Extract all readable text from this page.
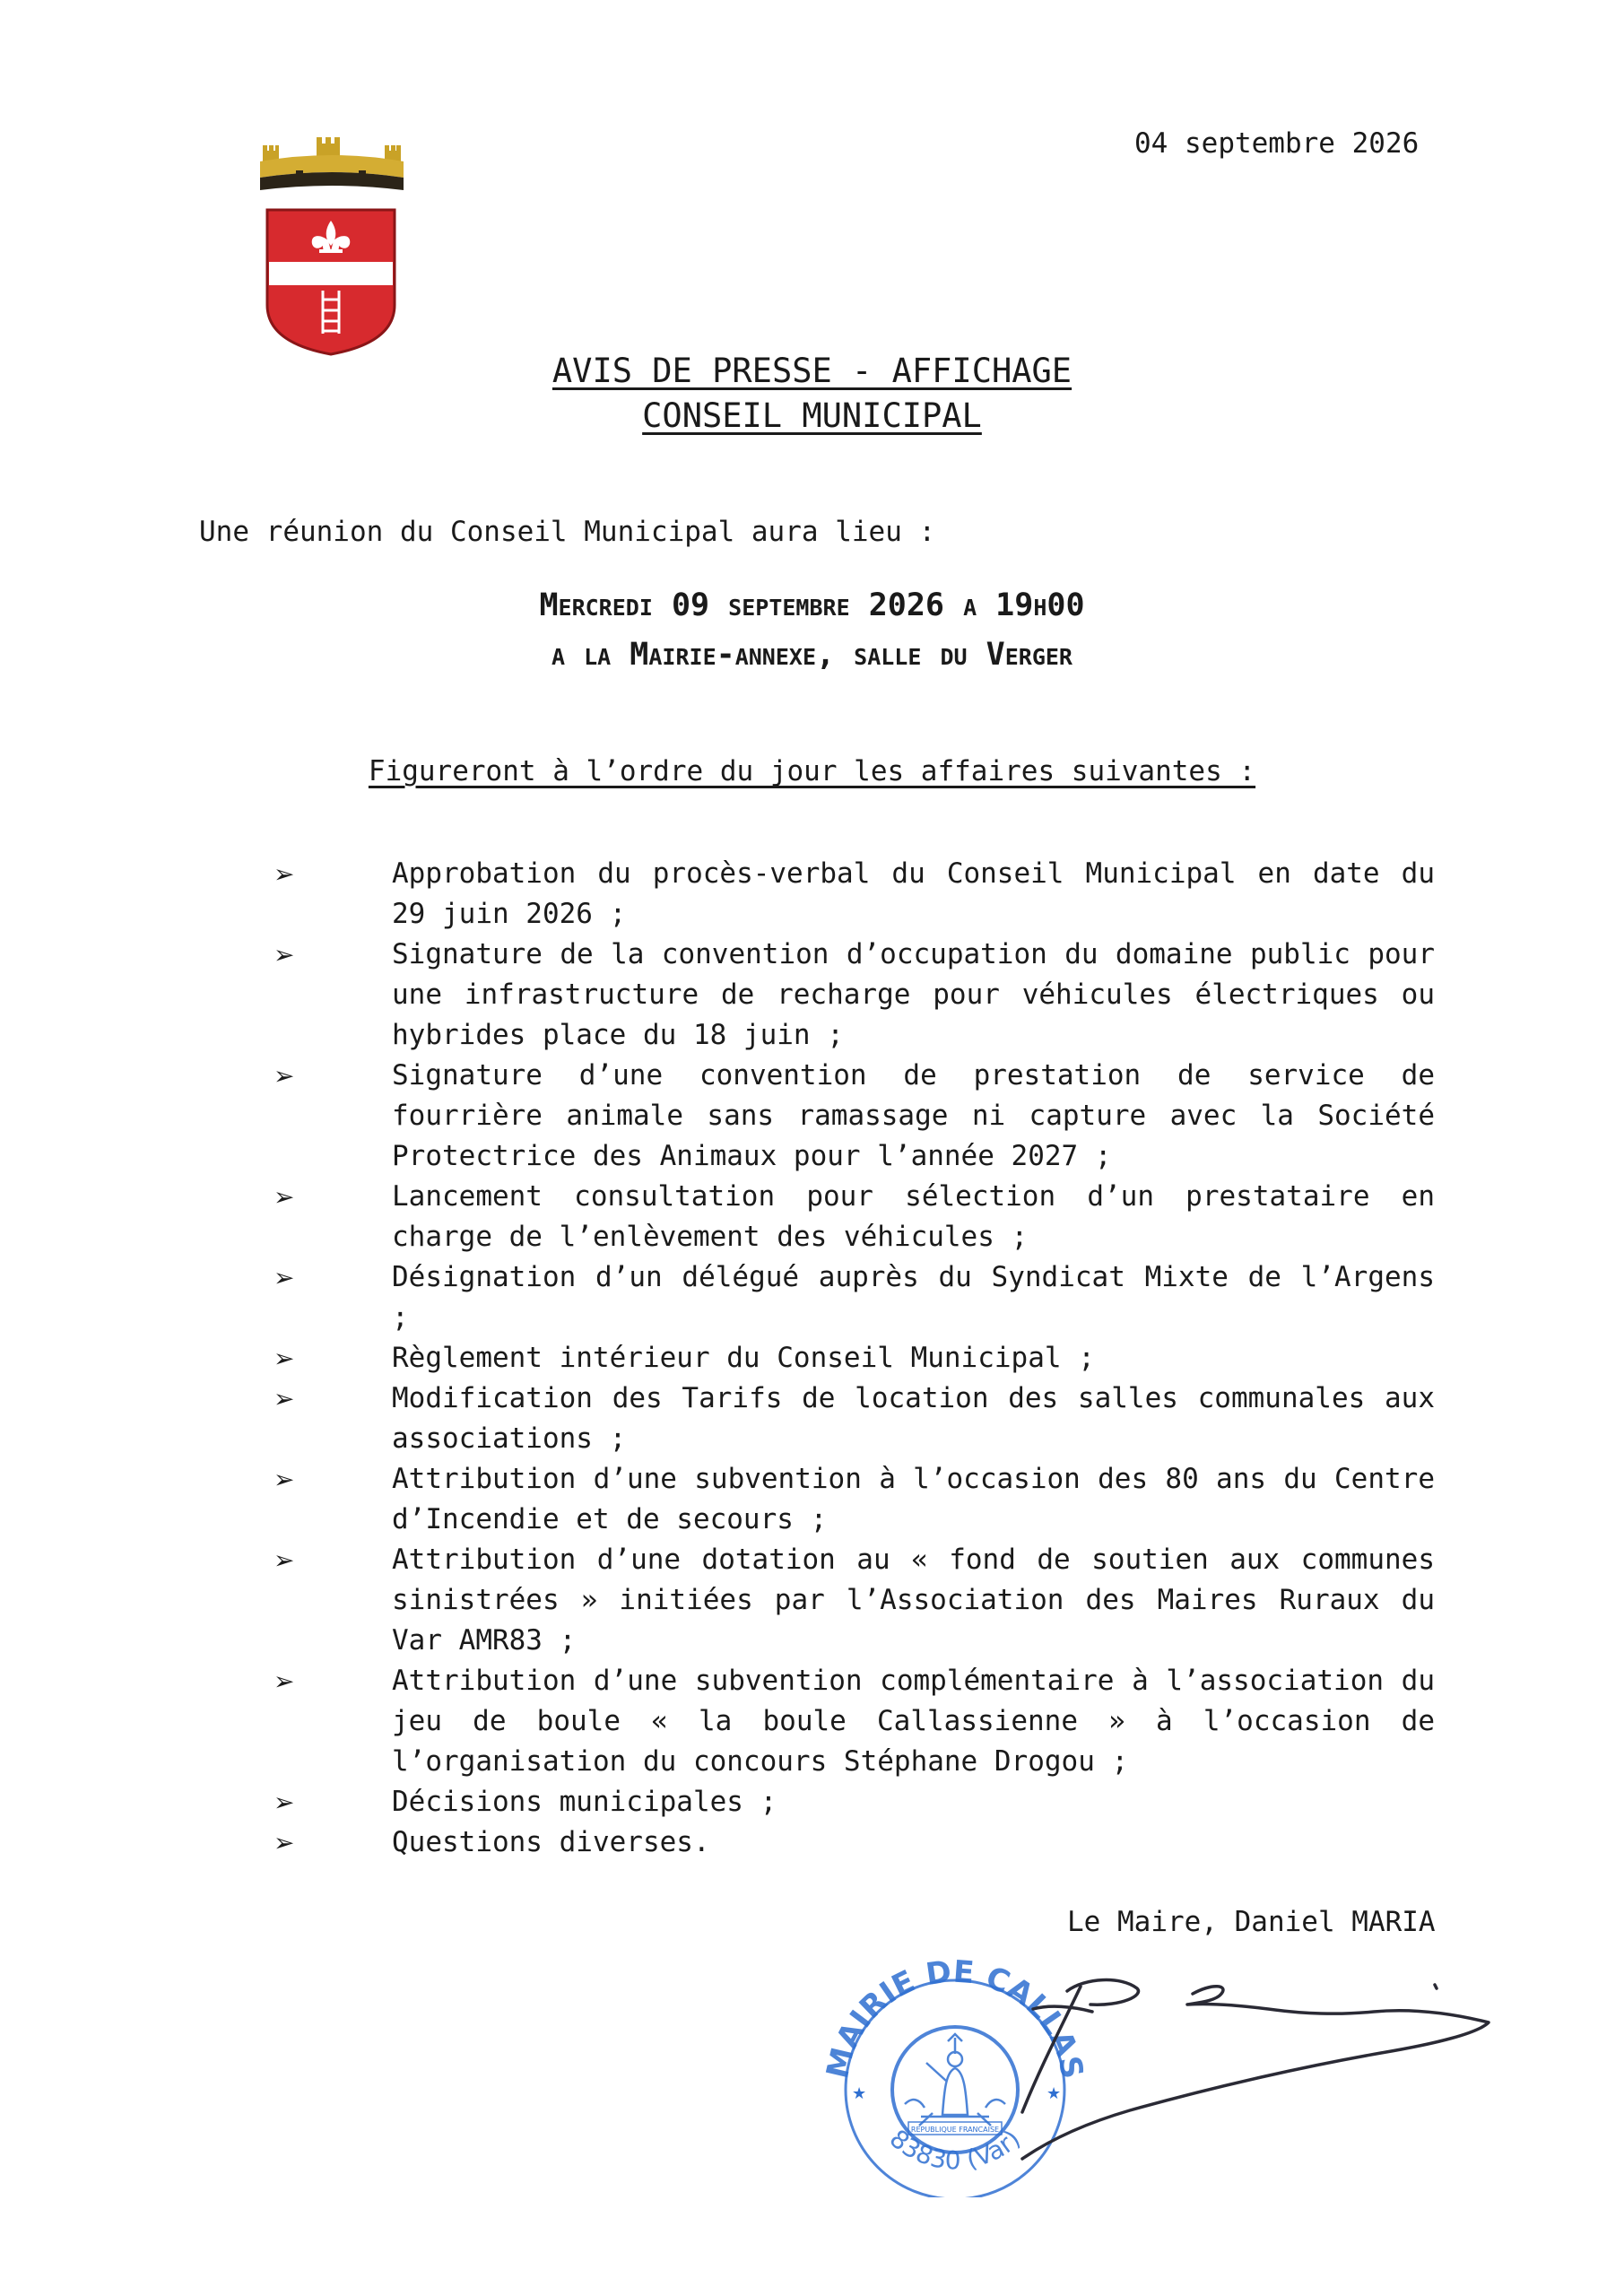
04 septembre 2026
AVIS DE PRESSE - AFFICHAGE
CONSEIL MUNICIPAL
Une réunion du Conseil Municipal aura lieu :
Mercredi 09 septembre 2026 a 19h00
a la Mairie-annexe, salle du Verger
Figureront à l’ordre du jour les affaires suivantes :
➢	Approbation du procès-verbal du Conseil Municipal en date du 29 juin 2026 ;
➢	Signature de la convention d’occupation du domaine public pour une infrastructure de recharge pour véhicules électriques ou hybrides place du 18 juin ;
➢	Signature d’une convention de prestation de service de fourrière animale sans ramassage ni capture avec la Société Protectrice des Animaux pour l’année 2027 ;
➢	Lancement consultation pour sélection d’un prestataire en charge de l’enlèvement des véhicules ;
➢	Désignation d’un délégué auprès du Syndicat Mixte de l’Argens ;
➢	Règlement intérieur du Conseil Municipal ;
➢	Modification des Tarifs de location des salles communales aux associations ;
➢	Attribution d’une subvention à l’occasion des 80 ans du Centre d’Incendie et de secours ;
➢	Attribution d’une dotation au « fond de soutien aux communes sinistrées » initiées par l’Association des Maires Ruraux du Var AMR83 ;
➢	Attribution d’une subvention complémentaire à l’association du jeu de boule « la boule Callassienne » à l’occasion de l’organisation du concours Stéphane Drogou ;
➢	Décisions municipales ;
➢	Questions diverses.
Le Maire, Daniel MARIA
MAIRIE DE CALLAS
83830 (Var)
★	★
REPUBLIQUE FRANCAISE
